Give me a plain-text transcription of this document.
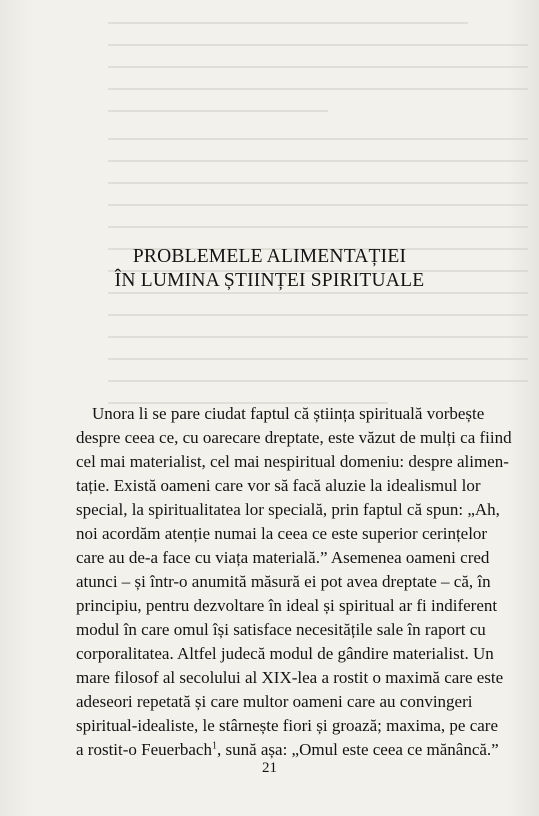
PROBLEMELE ALIMENTAȚIEI
ÎN LUMINA ȘTIINȚEI SPIRITUALE
Unora li se pare ciudat faptul că știința spirituală vorbește
despre ceea ce, cu oarecare dreptate, este văzut de mulți ca fiind
cel mai materialist, cel mai nespiritual domeniu: despre alimen-
tație. Există oameni care vor să facă aluzie la idealismul lor
special, la spiritualitatea lor specială, prin faptul că spun: „Ah,
noi acordăm atenție numai la ceea ce este superior cerințelor
care au de-a face cu viața materială.” Asemenea oameni cred
atunci – și într-o anumită măsură ei pot avea dreptate – că, în
principiu, pentru dezvoltare în ideal și spiritual ar fi indiferent
modul în care omul își satisface necesitățile sale în raport cu
corporalitatea. Altfel judecă modul de gândire materialist. Un
mare filosof al secolului al XIX-lea a rostit o maximă care este
adeseori repetată și care multor oameni care au convingeri
spiritual-idealiste, le stârnește fiori și groază; maxima, pe care
a rostit-o Feuerbach$^1$, sună așa: „Omul este ceea ce mănâncă.”
21
